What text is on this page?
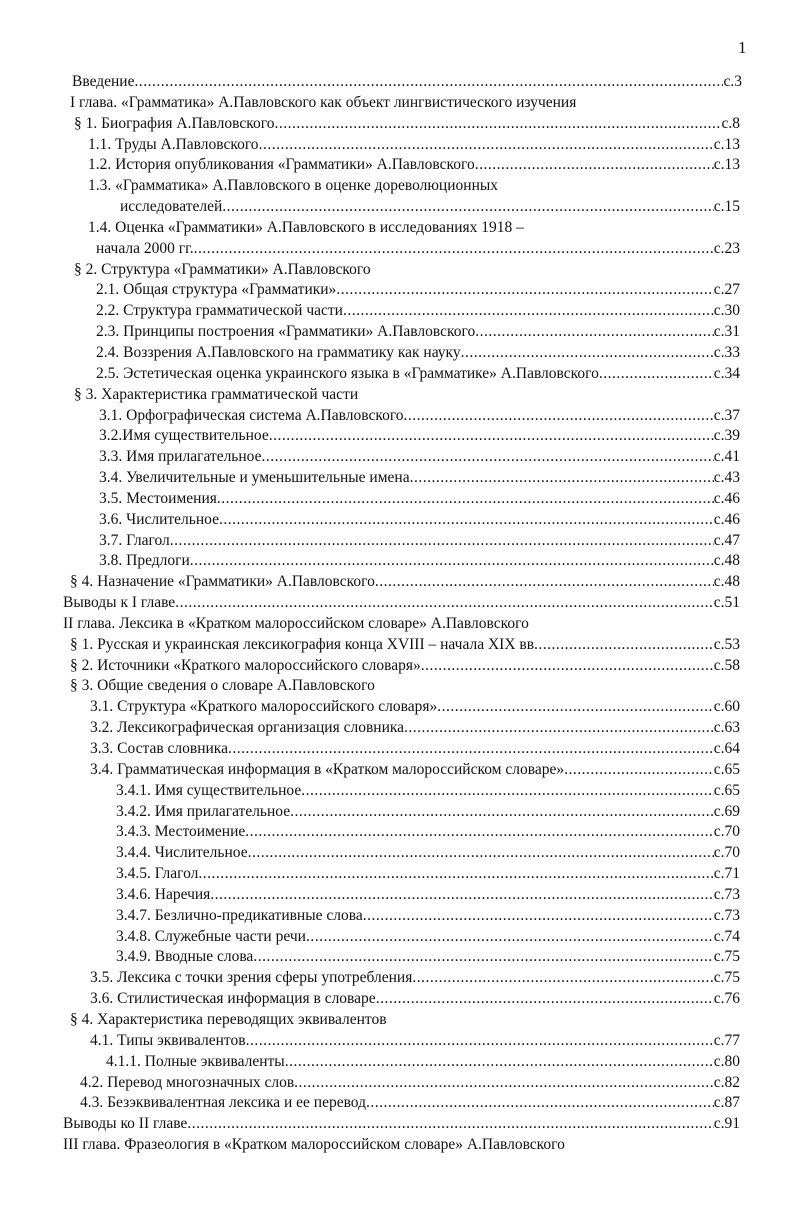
1
Введение .....	с.3
I глава. «Грамматика» А.Павловского как объект лингвистического изучения
§ 1. Биография А.Павловского .....	с.8
1.1. Труды А.Павловского .....	с.13
1.2. История опубликования «Грамматики» А.Павловского .....	с.13
1.3. «Грамматика» А.Павловского в оценке дореволюционных
исследователей .....	с.15
1.4. Оценка «Грамматики» А.Павловского в исследованиях 1918 –
начала 2000 гг. .....	с.23
§ 2. Структура «Грамматики» А.Павловского
2.1. Общая структура «Грамматики» .....	с.27
2.2. Структура грамматической части .....	с.30
2.3. Принципы построения «Грамматики» А.Павловского .....	с.31
2.4. Воззрения А.Павловского на грамматику как науку .....	с.33
2.5. Эстетическая оценка украинского языка в «Грамматике» А.Павловского .....	с.34
§ 3. Характеристика грамматической части
3.1. Орфографическая система А.Павловского .....	с.37
3.2.Имя существительное .....	с.39
3.3. Имя прилагательное .....	с.41
3.4. Увеличительные и уменьшительные имена .....	с.43
3.5. Местоимения .....	с.46
3.6. Числительное .....	с.46
3.7. Глагол .....	с.47
3.8. Предлоги .....	с.48
§ 4. Назначение «Грамматики» А.Павловского .....	с.48
Выводы к I главе .....	с.51
II глава. Лексика в «Кратком малороссийском словаре» А.Павловского
§ 1. Русская и украинская лексикография конца XVIII – начала XIX вв .....	с.53
§ 2. Источники «Краткого малороссийского словаря» .....	с.58
§ 3. Общие сведения о словаре А.Павловского
3.1. Структура «Краткого малороссийского словаря» .....	с.60
3.2. Лексикографическая организация словника .....	с.63
3.3. Состав словника .....	с.64
3.4. Грамматическая информация в «Кратком малороссийском словаре» .....	с.65
3.4.1. Имя существительное .....	с.65
3.4.2. Имя прилагательное .....	с.69
3.4.3. Местоимение .....	с.70
3.4.4. Числительное .....	с.70
3.4.5. Глагол .....	с.71
3.4.6. Наречия .....	с.73
3.4.7. Безлично-предикативные слова .....	с.73
3.4.8. Служебные части речи .....	с.74
3.4.9. Вводные слова .....	с.75
3.5. Лексика с точки зрения сферы употребления .....	с.75
3.6. Стилистическая информация в словаре .....	с.76
§ 4. Характеристика переводящих эквивалентов
4.1. Типы эквивалентов .....	с.77
4.1.1. Полные эквиваленты .....	с.80
4.2. Перевод многозначных слов .....	с.82
4.3. Безэквивалентная лексика и ее перевод .....	с.87
Выводы ко II главе .....	с.91
III глава. Фразеология в «Кратком малороссийском словаре» А.Павловского
